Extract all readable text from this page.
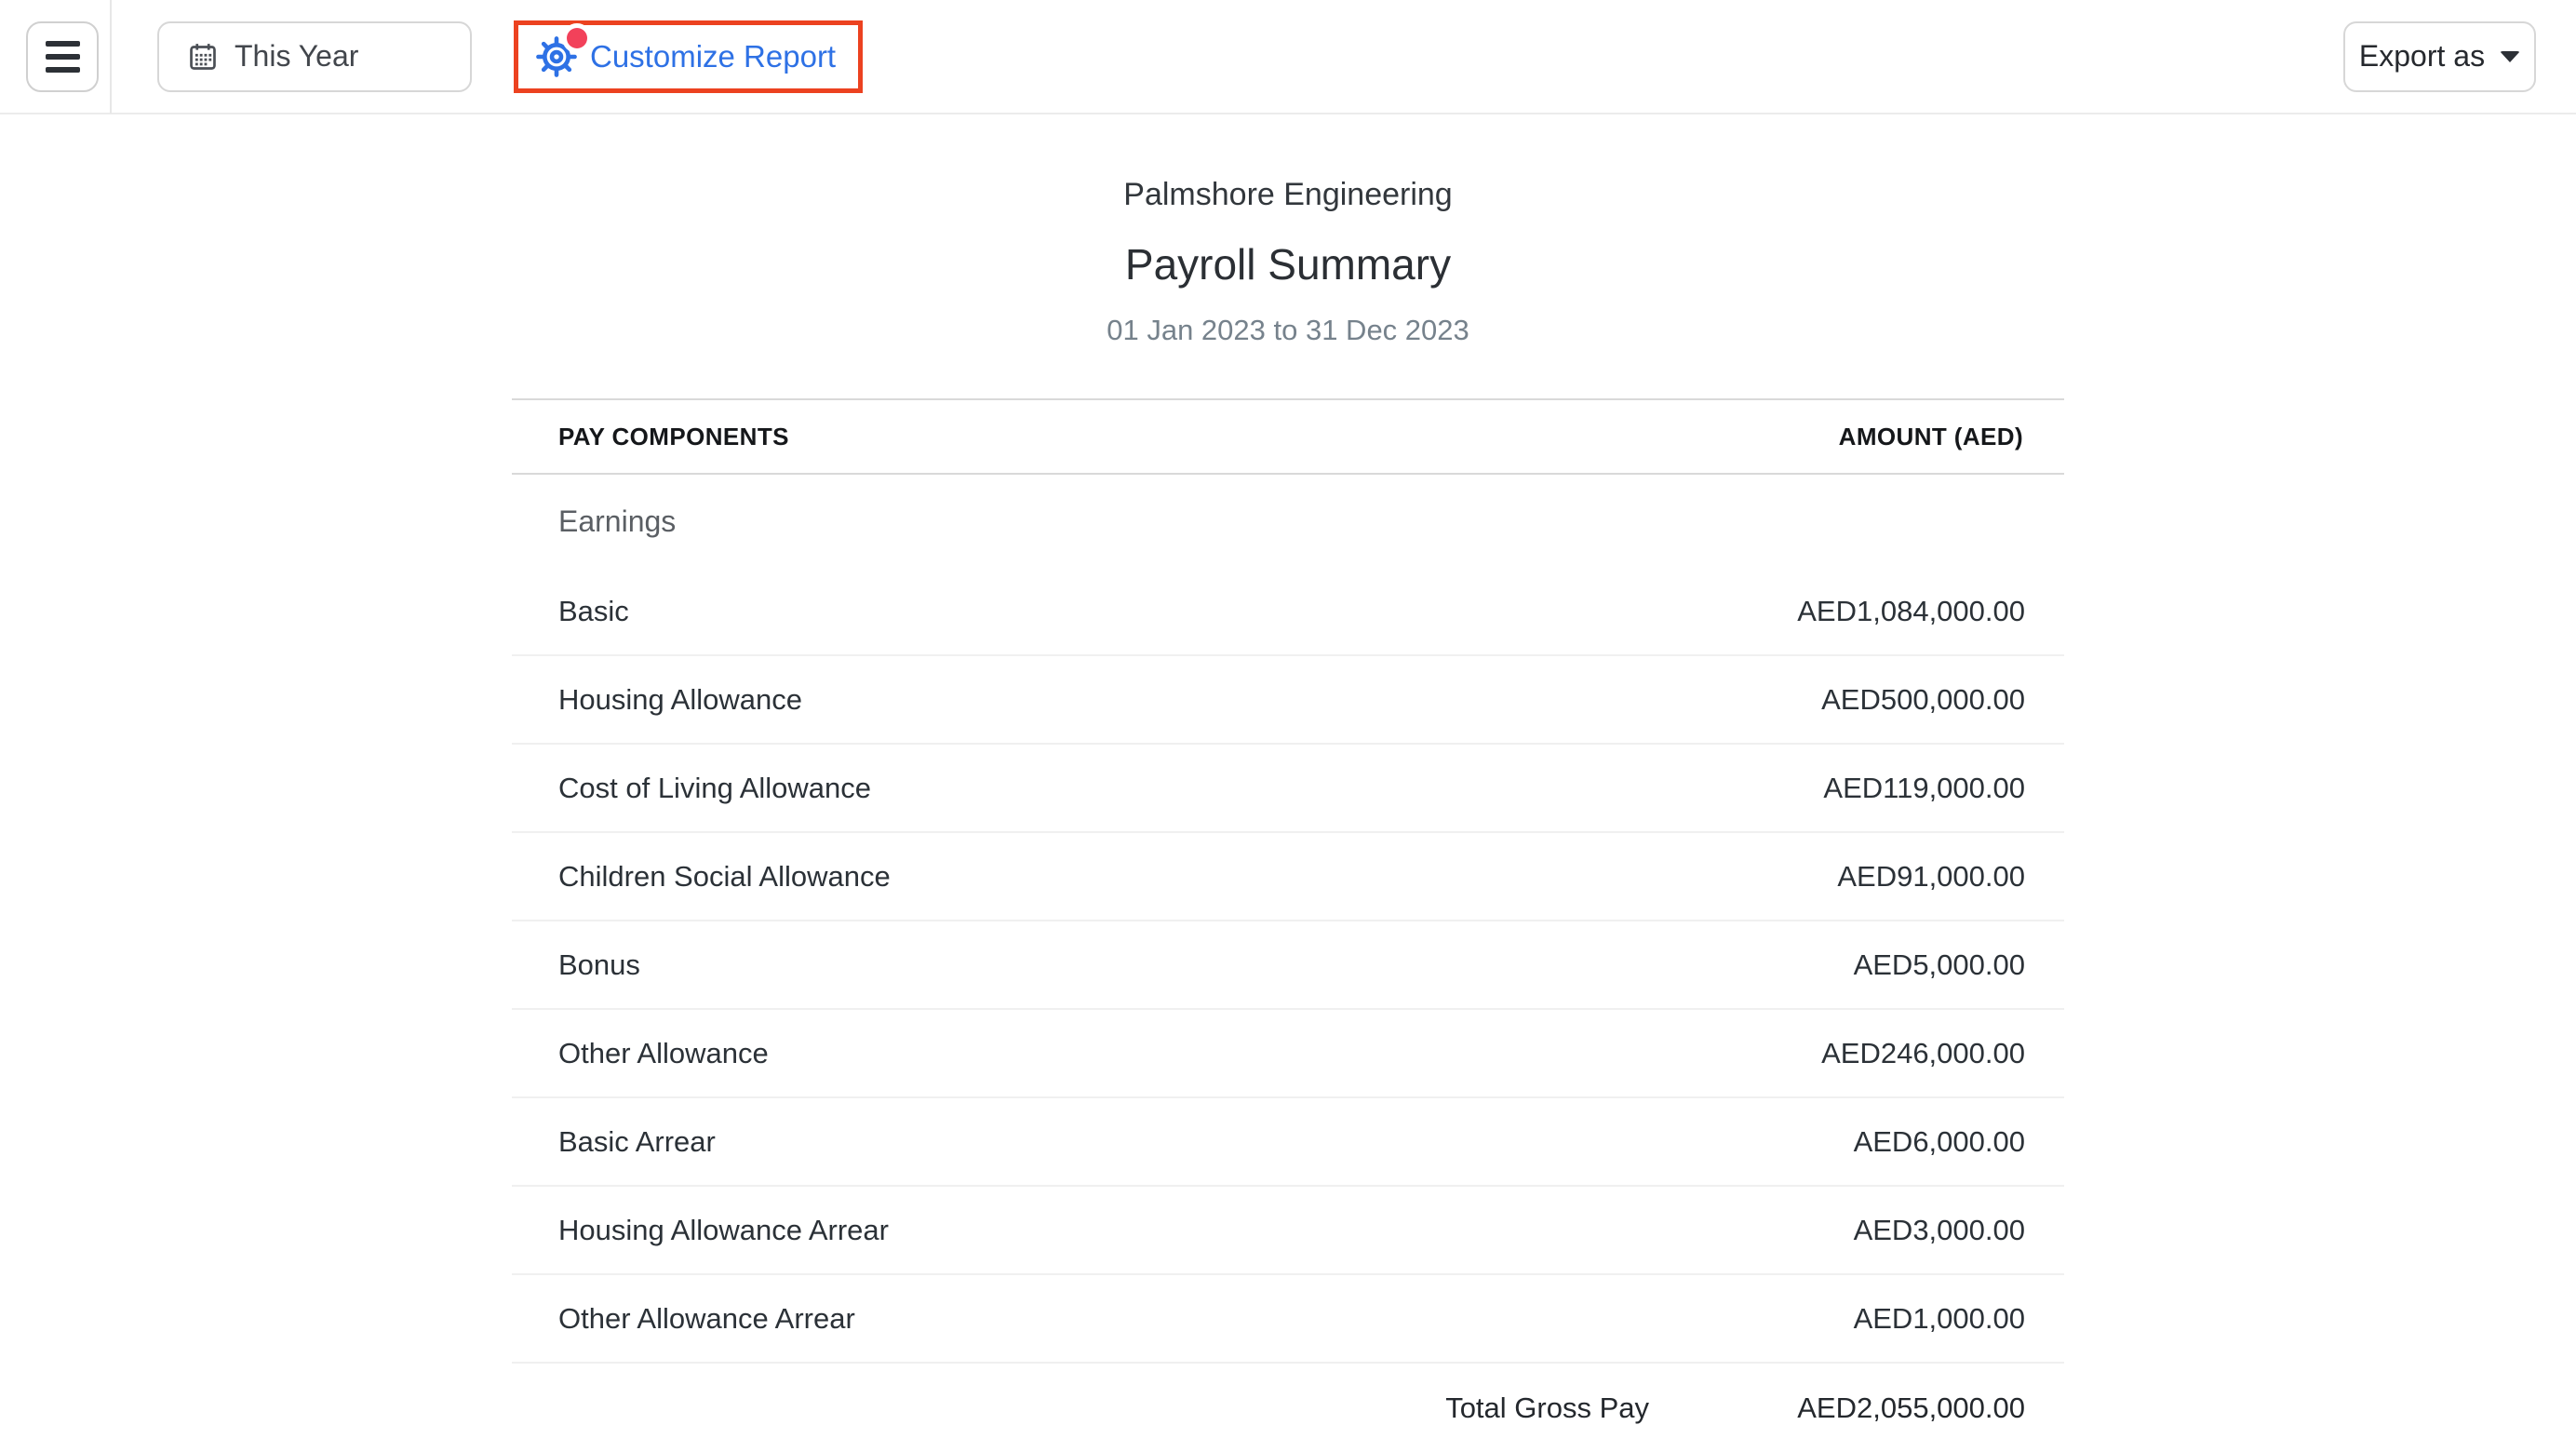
This Year	Customize Report	Export as
Palmshore Engineering
Payroll Summary
01 Jan 2023 to 31 Dec 2023
PAY COMPONENTS	AMOUNT (AED)
Earnings
Basic	AED1,084,000.00
Housing Allowance	AED500,000.00
Cost of Living Allowance	AED119,000.00
Children Social Allowance	AED91,000.00
Bonus	AED5,000.00
Other Allowance	AED246,000.00
Basic Arrear	AED6,000.00
Housing Allowance Arrear	AED3,000.00
Other Allowance Arrear	AED1,000.00
Total Gross Pay	AED2,055,000.00
